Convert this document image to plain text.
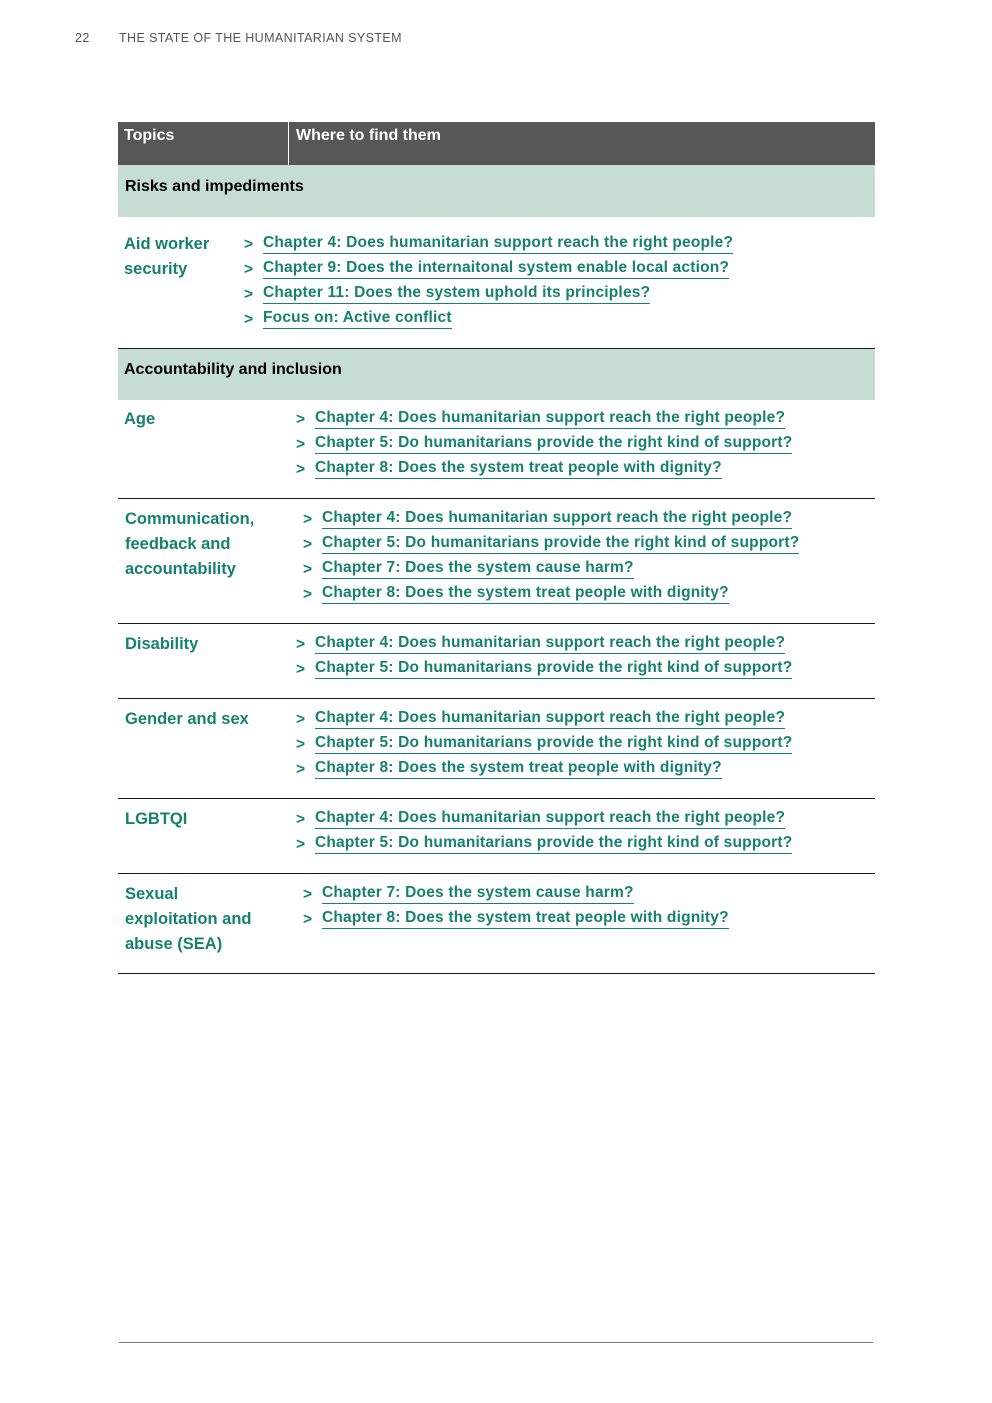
22	THE STATE OF THE HUMANITARIAN SYSTEM
Topics	Where to find them
Risks and impediments
Aid worker security
> Chapter 4: Does humanitarian support reach the right people?
> Chapter 9: Does the internaitonal system enable local action?
> Chapter 11: Does the system uphold its principles?
> Focus on: Active conflict
Accountability and inclusion
Age	> Chapter 4: Does humanitarian support reach the right people?
> Chapter 5: Do humanitarians provide the right kind of support?
> Chapter 8: Does the system treat people with dignity?
Communication, feedback and accountability
> Chapter 4: Does humanitarian support reach the right people?
> Chapter 5: Do humanitarians provide the right kind of support?
> Chapter 7: Does the system cause harm?
> Chapter 8: Does the system treat people with dignity?
Disability	> Chapter 4: Does humanitarian support reach the right people?
> Chapter 5: Do humanitarians provide the right kind of support?
Gender and sex	> Chapter 4: Does humanitarian support reach the right people?
> Chapter 5: Do humanitarians provide the right kind of support?
> Chapter 8: Does the system treat people with dignity?
LGBTQI	> Chapter 4: Does humanitarian support reach the right people?
> Chapter 5: Do humanitarians provide the right kind of support?
Sexual exploitation and abuse (SEA)
> Chapter 7: Does the system cause harm?
> Chapter 8: Does the system treat people with dignity?
